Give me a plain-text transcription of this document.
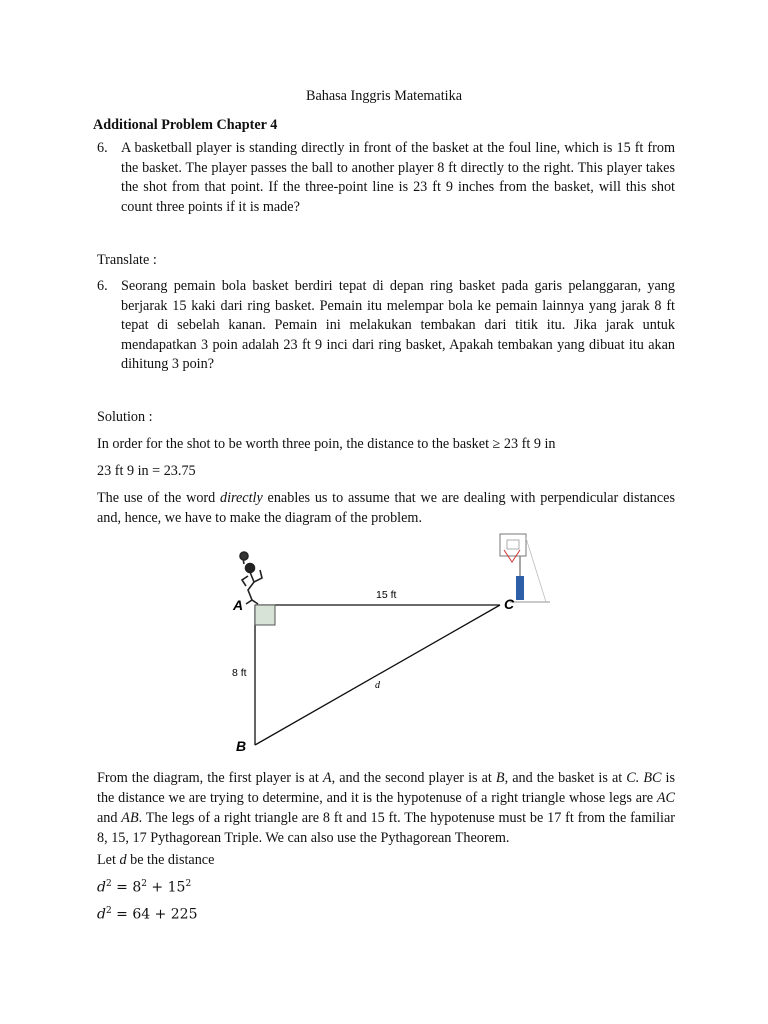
Bahasa Inggris Matematika
Additional Problem Chapter 4
6. A basketball player is standing directly in front of the basket at the foul line, which is 15 ft from the basket. The player passes the ball to another player 8 ft directly to the right. This player takes the shot from that point. If the three-point line is 23 ft 9 inches from the basket, will this shot count three points if it is made?
Translate :
6. Seorang pemain bola basket berdiri tepat di depan ring basket pada garis pelanggaran, yang berjarak 15 kaki dari ring basket. Pemain itu melempar bola ke pemain lainnya yang jarak 8 ft tepat di sebelah kanan. Pemain ini melakukan tembakan dari titik itu. Jika jarak untuk mendapatkan 3 poin adalah 23 ft 9 inci dari ring basket, Apakah tembakan yang dibuat itu akan dihitung 3 poin?
Solution :
In order for the shot to be worth three poin, the distance to the basket ≥ 23 ft 9 in
23 ft 9 in = 23.75
The use of the word directly enables us to assume that we are dealing with perpendicular distances and, hence, we have to make the diagram of the problem.
A
B
C
15 ft
8 ft
d
From the diagram, the first player is at A, and the second player is at B, and the basket is at C. BC is the distance we are trying to determine, and it is the hypotenuse of a right triangle whose legs are AC and AB. The legs of a right triangle are 8 ft and 15 ft. The hypotenuse must be 17 ft from the familiar 8, 15, 17 Pythagorean Triple. We can also use the Pythagorean Theorem.
Let d be the distance
$d^2 = 8^2 + 15^2$
$d^2 = 64 + 225$
